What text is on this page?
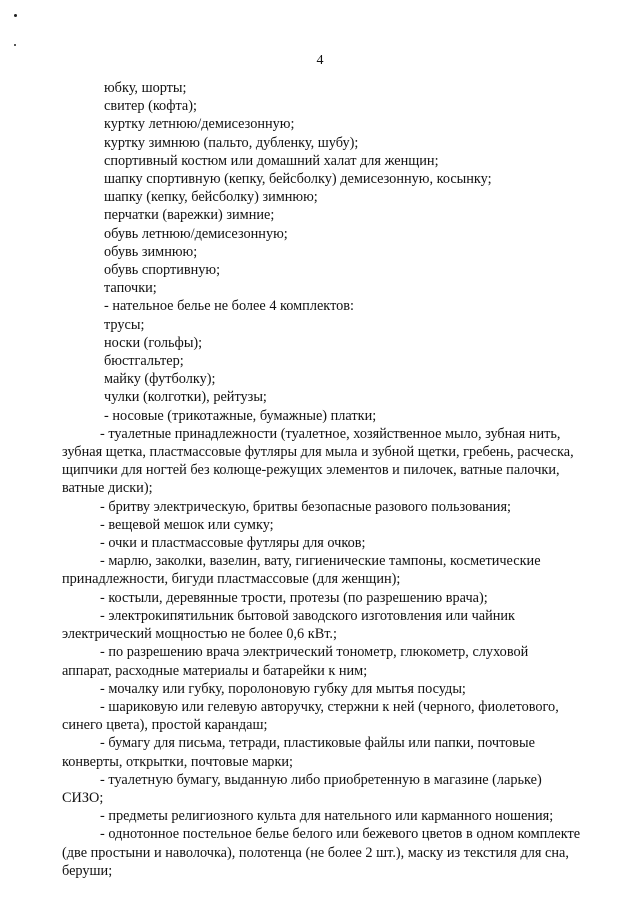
4
юбку, шорты;
свитер (кофта);
куртку летнюю/демисезонную;
куртку зимнюю (пальто, дубленку, шубу);
спортивный костюм или домашний халат для женщин;
шапку спортивную (кепку, бейсболку) демисезонную, косынку;
шапку (кепку, бейсболку) зимнюю;
перчатки (варежки) зимние;
обувь летнюю/демисезонную;
обувь зимнюю;
обувь спортивную;
тапочки;
- нательное белье не более 4 комплектов:
трусы;
носки (гольфы);
бюстгальтер;
майку (футболку);
чулки (колготки), рейтузы;
- носовые (трикотажные, бумажные) платки;
- туалетные принадлежности (туалетное, хозяйственное мыло, зубная нить,
зубная щетка, пластмассовые футляры для мыла и зубной щетки, гребень, расческа,
щипчики для ногтей без колюще-режущих элементов и пилочек, ватные палочки,
ватные диски);
- бритву электрическую, бритвы безопасные разового пользования;
- вещевой мешок или сумку;
- очки и пластмассовые футляры для очков;
- марлю, заколки, вазелин, вату, гигиенические тампоны, косметические
принадлежности, бигуди пластмассовые (для женщин);
- костыли, деревянные трости, протезы (по разрешению врача);
- электрокипятильник бытовой заводского изготовления или чайник
электрический мощностью не более 0,6 кВт.;
- по разрешению врача электрический тонометр, глюкометр, слуховой
аппарат, расходные материалы и батарейки к ним;
- мочалку или губку, поролоновую губку для мытья посуды;
- шариковую или гелевую авторучку, стержни к ней (черного, фиолетового,
синего цвета), простой карандаш;
- бумагу для письма, тетради, пластиковые файлы или папки, почтовые
конверты, открытки, почтовые марки;
- туалетную бумагу, выданную либо приобретенную в магазине (ларьке)
СИЗО;
- предметы религиозного культа для нательного или карманного ношения;
- однотонное постельное белье белого или бежевого цветов в одном комплекте
(две простыни и наволочка), полотенца (не более 2 шт.), маску из текстиля для сна,
беруши;
